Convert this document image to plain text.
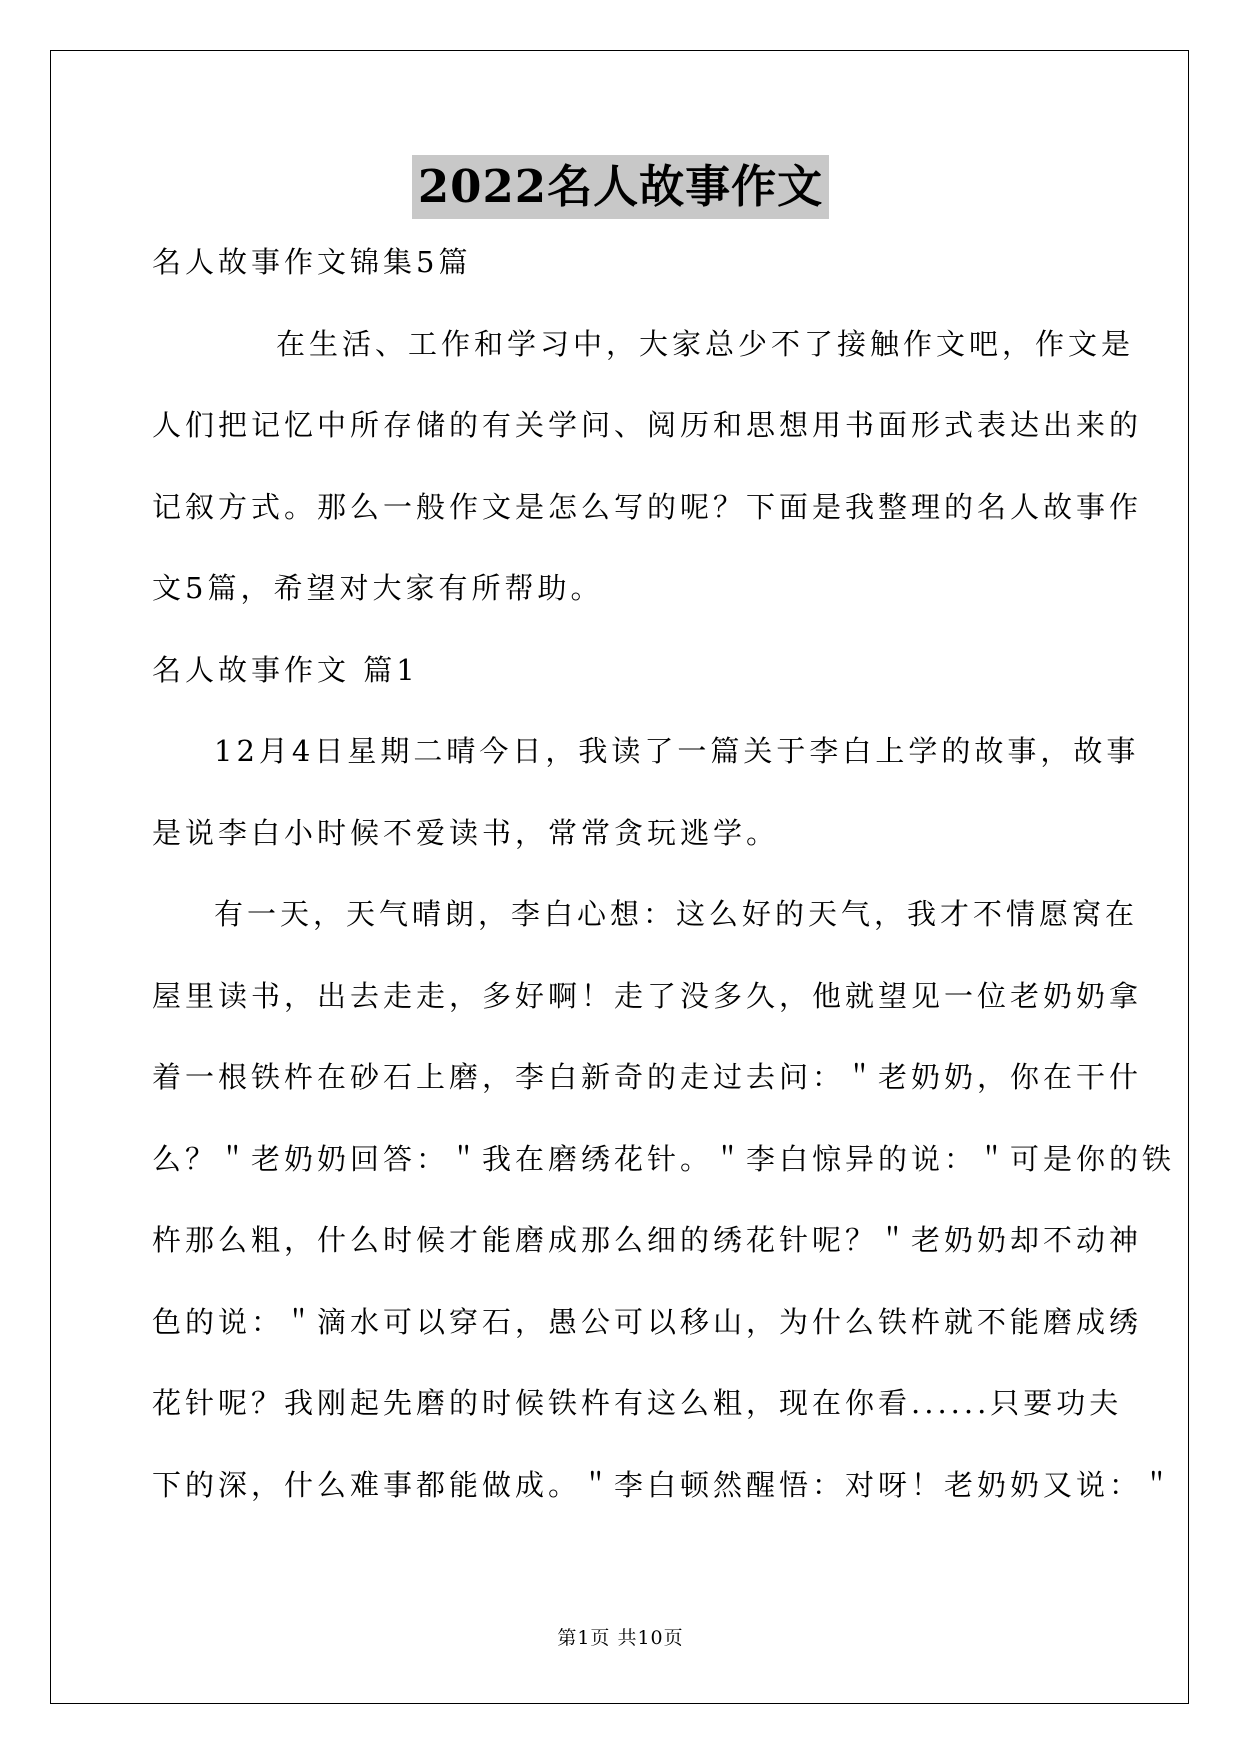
2022名人故事作文
名人故事作文锦集5篇
在生活、工作和学习中，大家总少不了接触作文吧，作文是
人们把记忆中所存储的有关学问、阅历和思想用书面形式表达出来的
记叙方式。那么一般作文是怎么写的呢？下面是我整理的名人故事作
文5篇，希望对大家有所帮助。
名人故事作文 篇1
12月4日星期二晴今日，我读了一篇关于李白上学的故事，故事
是说李白小时候不爱读书，常常贪玩逃学。
有一天，天气晴朗，李白心想：这么好的天气，我才不情愿窝在
屋里读书，出去走走，多好啊！走了没多久，他就望见一位老奶奶拿
着一根铁杵在砂石上磨，李白新奇的走过去问：＂老奶奶，你在干什
么？＂老奶奶回答：＂我在磨绣花针。＂李白惊异的说：＂可是你的铁
杵那么粗，什么时候才能磨成那么细的绣花针呢？＂老奶奶却不动神
色的说：＂滴水可以穿石，愚公可以移山，为什么铁杵就不能磨成绣
花针呢？我刚起先磨的时候铁杵有这么粗，现在你看......只要功夫
下的深，什么难事都能做成。＂李白顿然醒悟：对呀！老奶奶又说：＂
第1页 共10页
